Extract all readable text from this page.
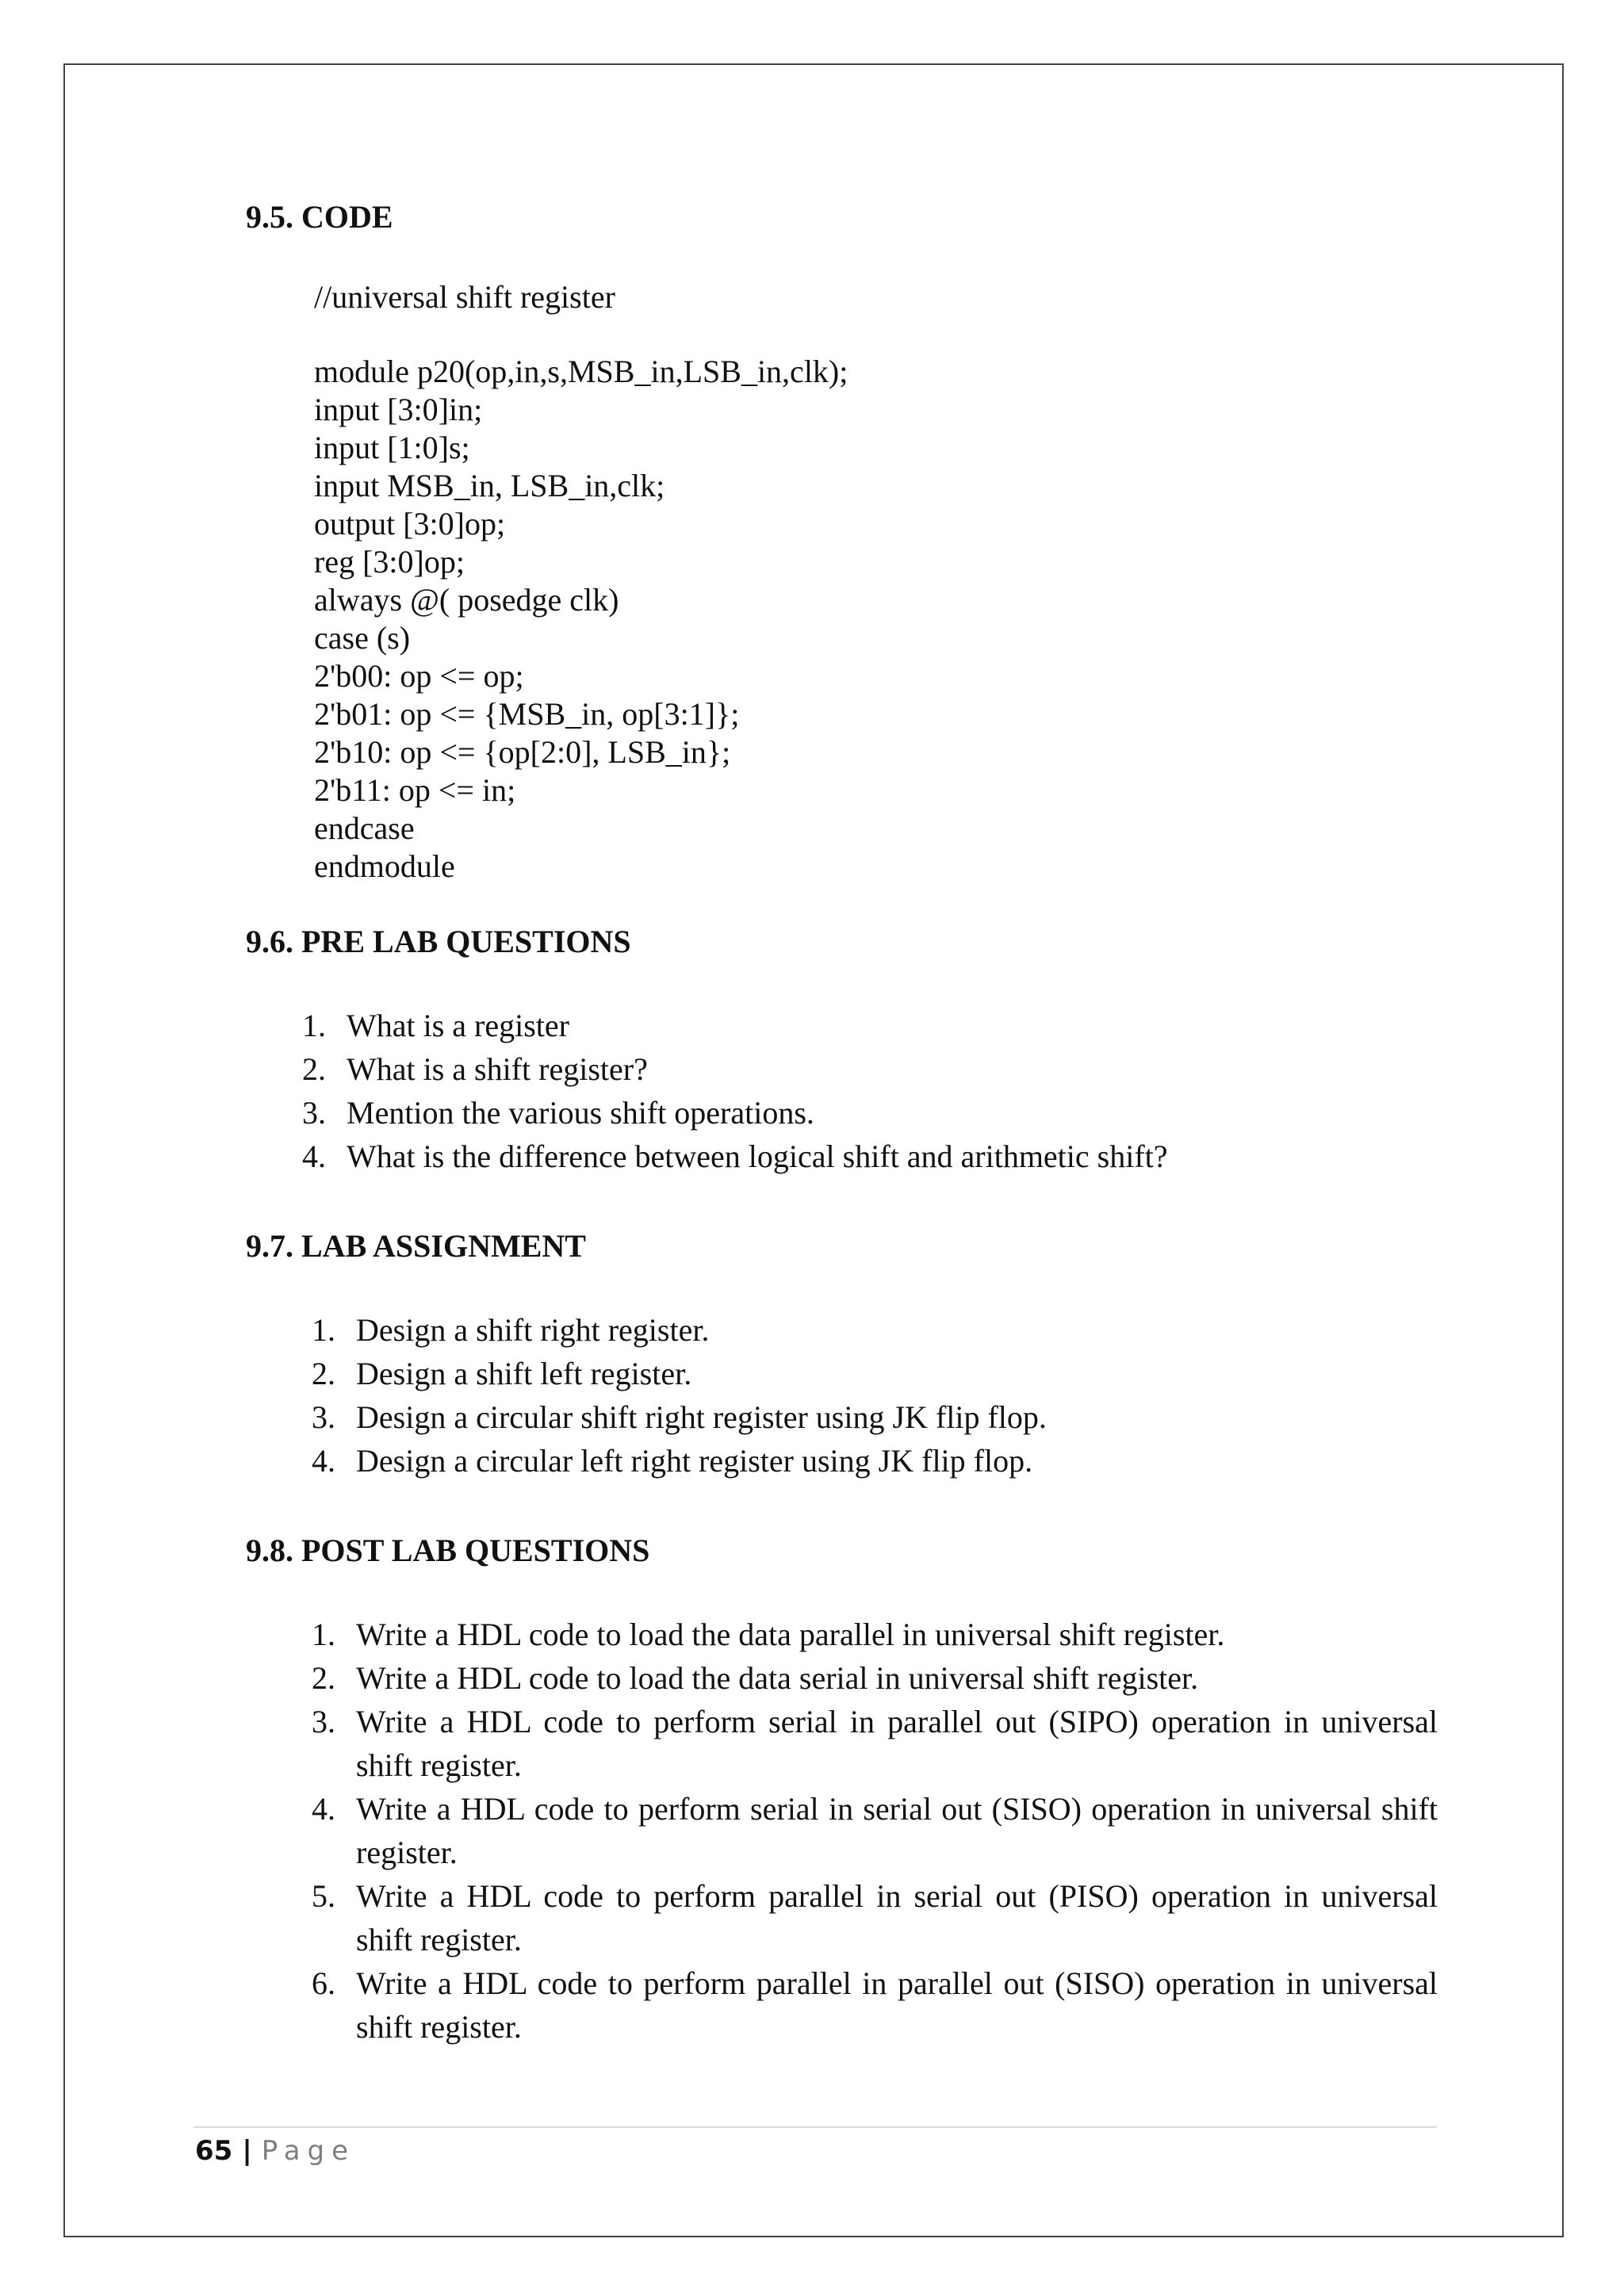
9.5. CODE
//universal shift register
module p20(op,in,s,MSB_in,LSB_in,clk);
input [3:0]in;
input [1:0]s;
input MSB_in, LSB_in,clk;
output [3:0]op;
reg [3:0]op;
always @( posedge clk)
case (s)
2'b00: op <= op;
2'b01: op <= {MSB_in, op[3:1]};
2'b10: op <= {op[2:0], LSB_in};
2'b11: op <= in;
endcase
endmodule
9.6. PRE LAB QUESTIONS
1. What is a register
2. What is a shift register?
3. Mention the various shift operations.
4. What is the difference between logical shift and arithmetic shift?
9.7. LAB ASSIGNMENT
1. Design a shift right register.
2. Design a shift left register.
3. Design a circular shift right register using JK flip flop.
4. Design a circular left right register using JK flip flop.
9.8. POST LAB QUESTIONS
1. Write a HDL code to load the data parallel in universal shift register.
2. Write a HDL code to load the data serial in universal shift register.
3. Write a HDL code to perform serial in parallel out (SIPO) operation in universal shift register.
4. Write a HDL code to perform serial in serial out (SISO) operation in universal shift register.
5. Write a HDL code to perform parallel in serial out (PISO) operation in universal shift register.
6. Write a HDL code to perform parallel in parallel out (SISO) operation in universal shift register.
65 | Page
